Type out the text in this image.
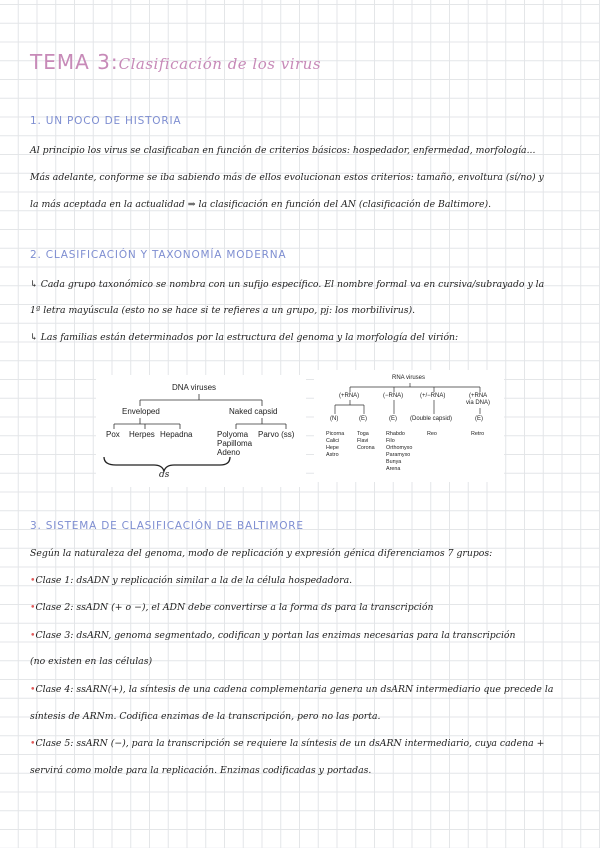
TEMA 3:Clasificación de los virus
1. UN POCO DE HISTORIA

Al principio los virus se clasificaban en función de criterios básicos: hospedador, enfermedad, morfología...

Más adelante, conforme se iba sabiendo más de ellos evolucionan estos criterios: tamaño, envoltura (sí/no) y

la más aceptada en la actualidad ⇒ la clasificación en función del AN (clasificación de Baltimore).

2. CLASIFICACIÓN Y TAXONOMÍA MODERNA

↳ Cada grupo taxonómico se nombra con un sufijo específico. El nombre formal va en cursiva/subrayado y la

1ª letra mayúscula (esto no se hace si te refieres a un grupo, pj: los morbilivirus).

↳ Las familias están determinados por la estructura del genoma y la morfología del virión:

DNA viruses
Enveloped	Naked capsid
Pox Herpes Hepadna	Polyoma
Papilloma
Adeno
Parvo (ss)
ds
RNA viruses
(+RNA)	(−RNA)	(+/−RNA)	(+RNA
via DNA)
(N)	(E)	(E) (Double capsid)	(E)
Picorna
Calici
Hepe
Astro
Toga
Flavi
Corona
Rhabdo
Filo
Orthomyxo
Paramyxo
Bunya
Arena
Reo	Retro
3. SISTEMA DE CLASIFICACIÓN DE BALTIMORE

Según la naturaleza del genoma, modo de replicación y expresión génica diferenciamos 7 grupos:

•Clase 1: dsADN y replicación similar a la de la célula hospedadora.

•Clase 2: ssADN (+ o −), el ADN debe convertirse a la forma ds para la transcripción

•Clase 3: dsARN, genoma segmentado, codifican y portan las enzimas necesarias para la transcripción

(no existen en las células)

•Clase 4: ssARN(+), la síntesis de una cadena complementaria genera un dsARN intermediario que precede la

síntesis de ARNm. Codifica enzimas de la transcripción, pero no las porta.

•Clase 5: ssARN (−), para la transcripción se requiere la síntesis de un dsARN intermediario, cuya cadena +

servirá como molde para la replicación. Enzimas codificadas y portadas.
